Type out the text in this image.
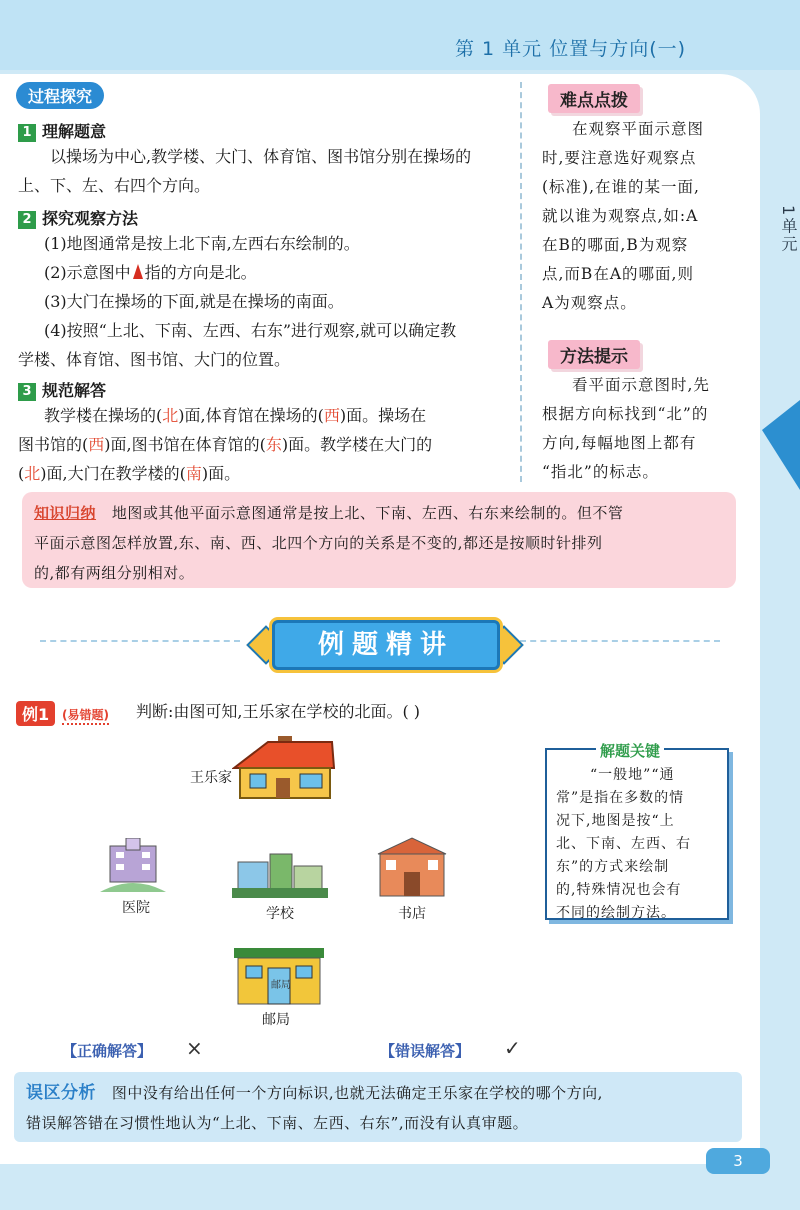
第 1 单元 位置与方向(一)
1单元
过程探究
1 理解题意
以操场为中心,教学楼、大门、体育馆、图书馆分别在操场的
上、下、左、右四个方向。
2 探究观察方法
(1)地图通常是按上北下南,左西右东绘制的。
(2)示意图中 指的方向是北。
(3)大门在操场的下面,就是在操场的南面。
(4)按照“上北、下南、左西、右东”进行观察,就可以确定教
学楼、体育馆、图书馆、大门的位置。
3 规范解答
教学楼在操场的(北)面,体育馆在操场的(西)面。操场在
图书馆的(西)面,图书馆在体育馆的(东)面。教学楼在大门的
(北)面,大门在教学楼的(南)面。
难点点拨
在观察平面示意图
时,要注意选好观察点
(标准),在谁的某一面,
就以谁为观察点,如:A
在B的哪面,B为观察
点,而B在A的哪面,则
A为观察点。
方法提示
看平面示意图时,先
根据方向标找到“北”的
方向,每幅地图上都有
“指北”的标志。
知识归纳 地图或其他平面示意图通常是按上北、下南、左西、右东来绘制的。但不管
平面示意图怎样放置,东、南、西、北四个方向的关系是不变的,都还是按顺时针排列
的,都有两组分别相对。
例题精讲
例1	(易错题) 判断:由图可知,王乐家在学校的北面。( )
王乐家
医院	学校	书店
邮局
邮局
解题关键
“一般地”“通
常”是指在多数的情
况下,地图是按“上
北、下南、左西、右
东”的方式来绘制
的,特殊情况也会有
不同的绘制方法。
【正确解答】 ×	【错误解答】 ✓
误区分析 图中没有给出任何一个方向标识,也就无法确定王乐家在学校的哪个方向,
错误解答错在习惯性地认为“上北、下南、左西、右东”,而没有认真审题。
3
